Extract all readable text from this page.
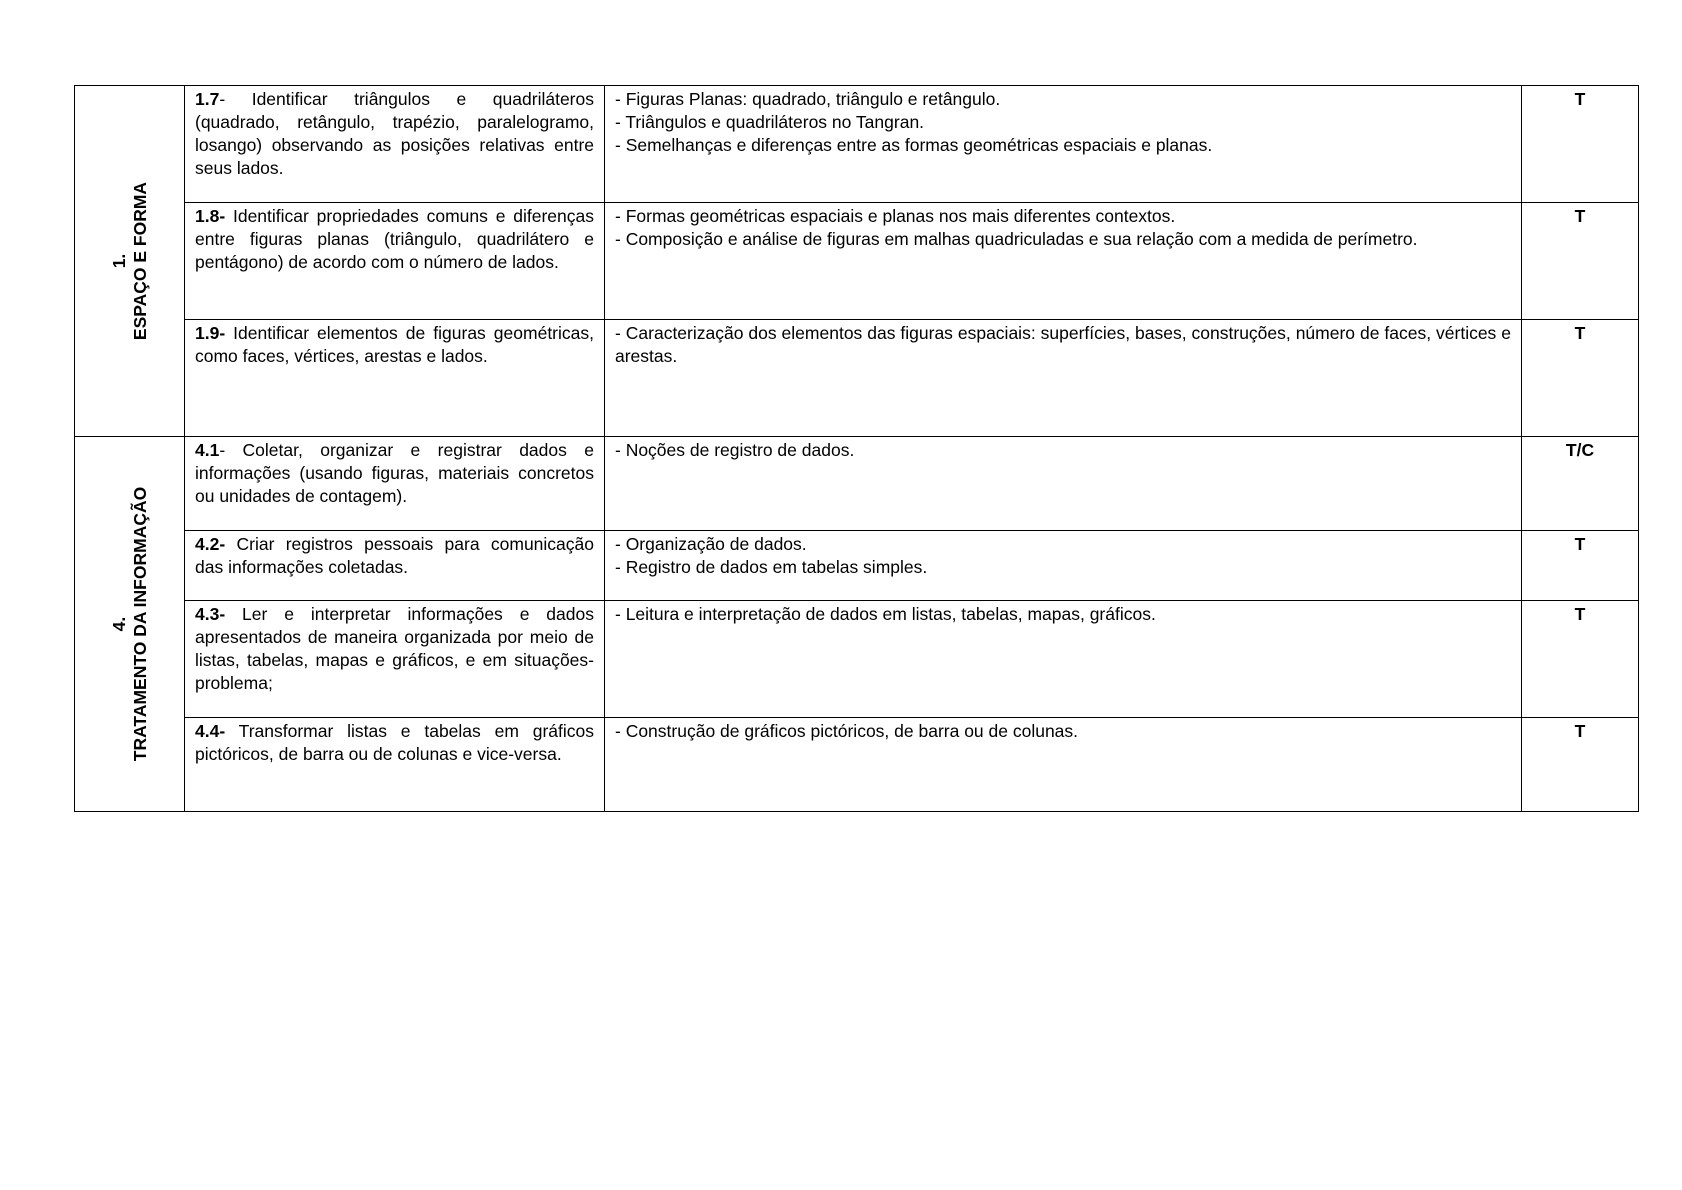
1. ESPAÇO E FORMA	1.7- Identificar triângulos e quadriláteros (quadrado, retângulo, trapézio, paralelogramo, losango) observando as posições relativas entre seus lados.	- Figuras Planas: quadrado, triângulo e retângulo.
- Triângulos e quadriláteros no Tangran.
- Semelhanças e diferenças entre as formas geométricas espaciais e planas.	T
	1.8- Identificar propriedades comuns e diferenças entre figuras planas (triângulo, quadrilátero e pentágono) de acordo com o número de lados.	- Formas geométricas espaciais e planas nos mais diferentes contextos.
- Composição e análise de figuras em malhas quadriculadas e sua relação com a medida de perímetro.	T
	1.9- Identificar elementos de figuras geométricas, como faces, vértices, arestas e lados.	- Caracterização dos elementos das figuras espaciais: superfícies, bases, construções, número de faces, vértices e arestas.	T

4. TRATAMENTO DA INFORMAÇÃO	4.1- Coletar, organizar e registrar dados e informações (usando figuras, materiais concretos ou unidades de contagem).	- Noções de registro de dados.	T/C
	4.2- Criar registros pessoais para comunicação das informações coletadas.	- Organização de dados.
- Registro de dados em tabelas simples.	T
	4.3- Ler e interpretar informações e dados apresentados de maneira organizada por meio de listas, tabelas, mapas e gráficos, e em situações-problema;	- Leitura e interpretação de dados em listas, tabelas, mapas, gráficos.	T
	4.4- Transformar listas e tabelas em gráficos pictóricos, de barra ou de colunas e vice-versa.	- Construção de gráficos pictóricos, de barra ou de colunas.	T
